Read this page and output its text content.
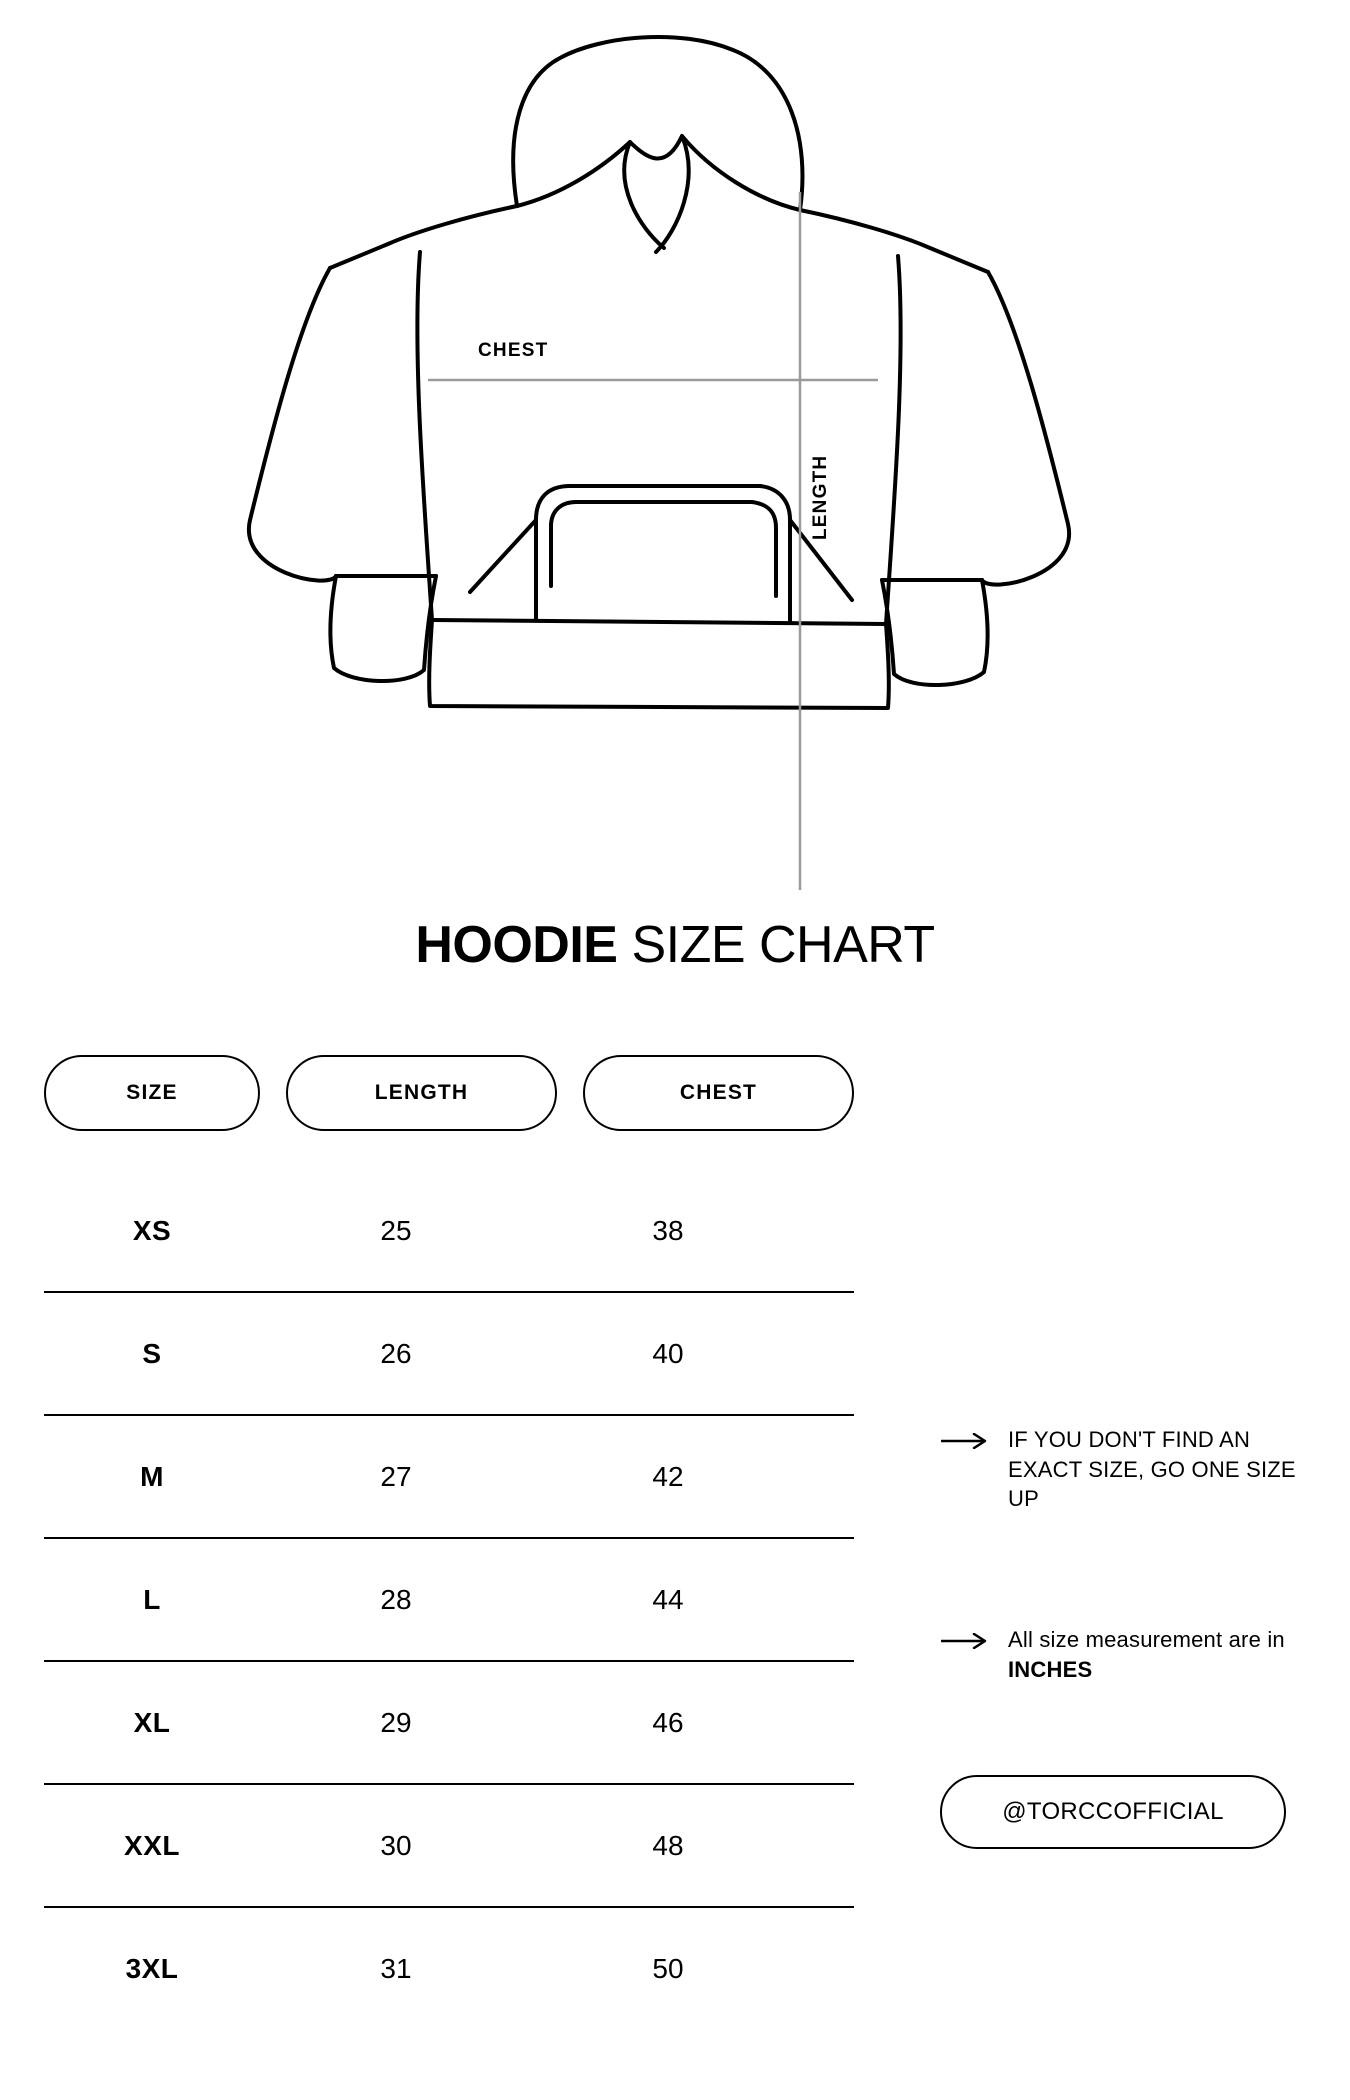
CHEST
LENGTH
HOODIE SIZE CHART
SIZE	LENGTH	CHEST
XS	25	38
S	26	40
M	27	42
L	28	44
XL	29	46
XXL	30	48
3XL	31	50
IF YOU DON'T FIND AN EXACT SIZE, GO ONE SIZE UP
All size measurement are in INCHES
@TORCCOFFICIAL
